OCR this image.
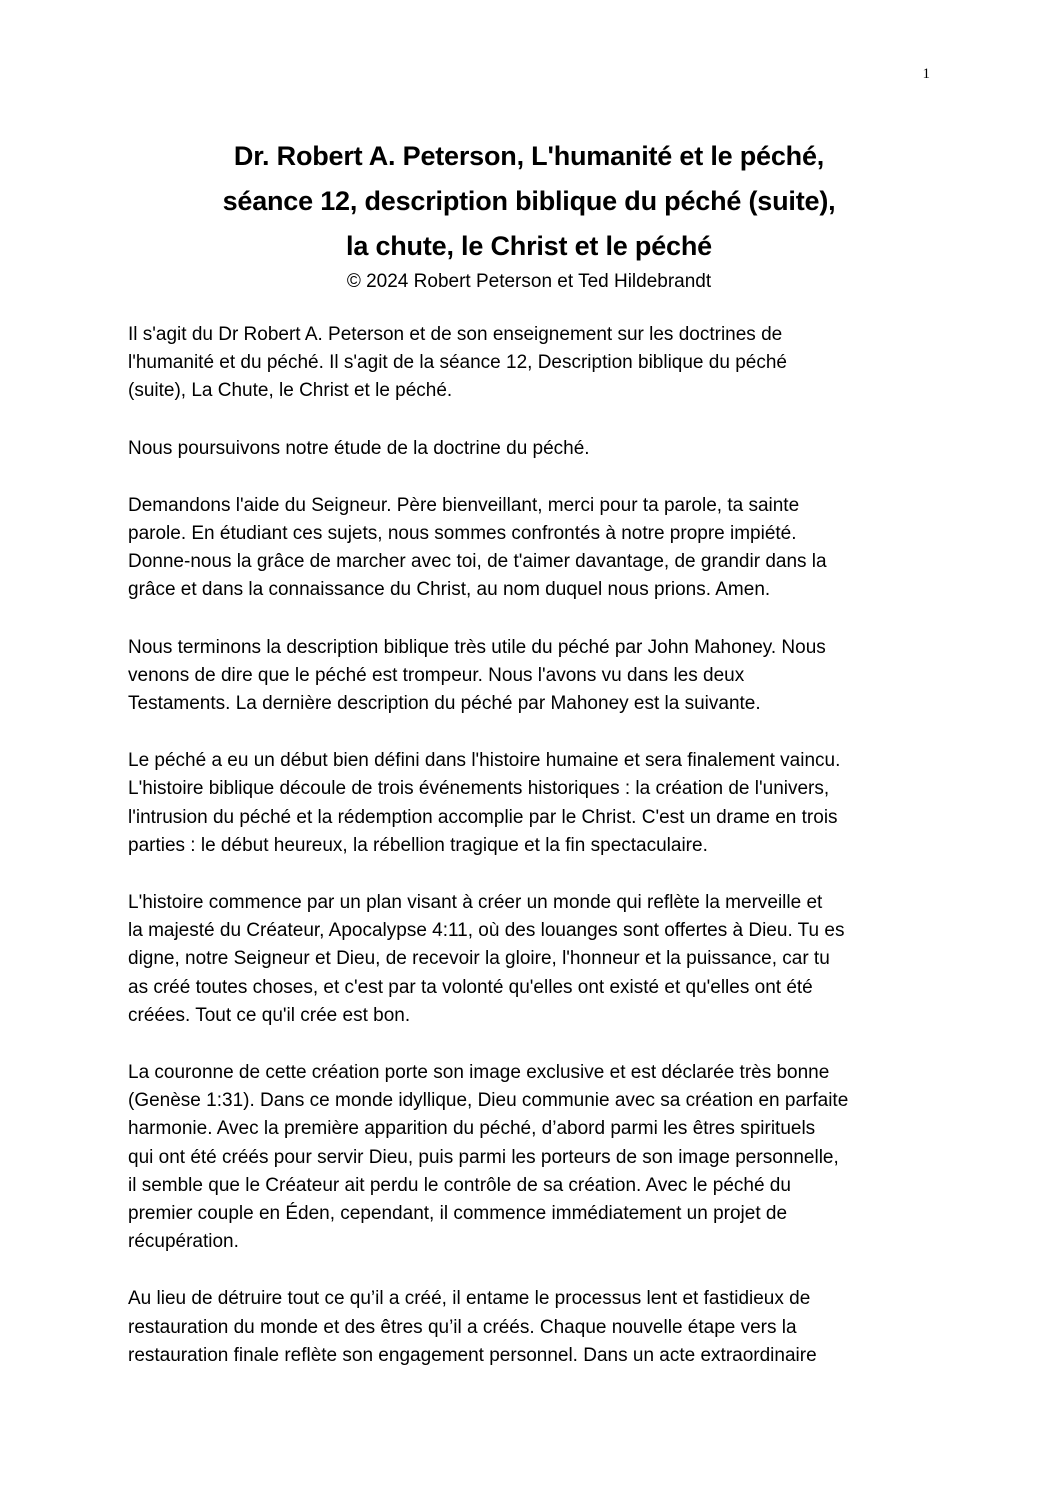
1
Dr. Robert A. Peterson, L'humanité et le péché,
séance 12, description biblique du péché (suite),
la chute, le Christ et le péché

© 2024 Robert Peterson et Ted Hildebrandt

Il s'agit du Dr Robert A. Peterson et de son enseignement sur les doctrines de
l'humanité et du péché. Il s'agit de la séance 12, Description biblique du péché
(suite), La Chute, le Christ et le péché.

Nous poursuivons notre étude de la doctrine du péché.

Demandons l'aide du Seigneur. Père bienveillant, merci pour ta parole, ta sainte
parole. En étudiant ces sujets, nous sommes confrontés à notre propre impiété.
Donne-nous la grâce de marcher avec toi, de t'aimer davantage, de grandir dans la
grâce et dans la connaissance du Christ, au nom duquel nous prions. Amen.

Nous terminons la description biblique très utile du péché par John Mahoney. Nous
venons de dire que le péché est trompeur. Nous l'avons vu dans les deux
Testaments. La dernière description du péché par Mahoney est la suivante.

Le péché a eu un début bien défini dans l'histoire humaine et sera finalement vaincu.
L'histoire biblique découle de trois événements historiques : la création de l'univers,
l'intrusion du péché et la rédemption accomplie par le Christ. C'est un drame en trois
parties : le début heureux, la rébellion tragique et la fin spectaculaire.

L'histoire commence par un plan visant à créer un monde qui reflète la merveille et
la majesté du Créateur, Apocalypse 4:11, où des louanges sont offertes à Dieu. Tu es
digne, notre Seigneur et Dieu, de recevoir la gloire, l'honneur et la puissance, car tu
as créé toutes choses, et c'est par ta volonté qu'elles ont existé et qu'elles ont été
créées. Tout ce qu'il crée est bon.

La couronne de cette création porte son image exclusive et est déclarée très bonne
(Genèse 1:31). Dans ce monde idyllique, Dieu communie avec sa création en parfaite
harmonie. Avec la première apparition du péché, d’abord parmi les êtres spirituels
qui ont été créés pour servir Dieu, puis parmi les porteurs de son image personnelle,
il semble que le Créateur ait perdu le contrôle de sa création. Avec le péché du
premier couple en Éden, cependant, il commence immédiatement un projet de
récupération.

Au lieu de détruire tout ce qu’il a créé, il entame le processus lent et fastidieux de
restauration du monde et des êtres qu’il a créés. Chaque nouvelle étape vers la
restauration finale reflète son engagement personnel. Dans un acte extraordinaire
